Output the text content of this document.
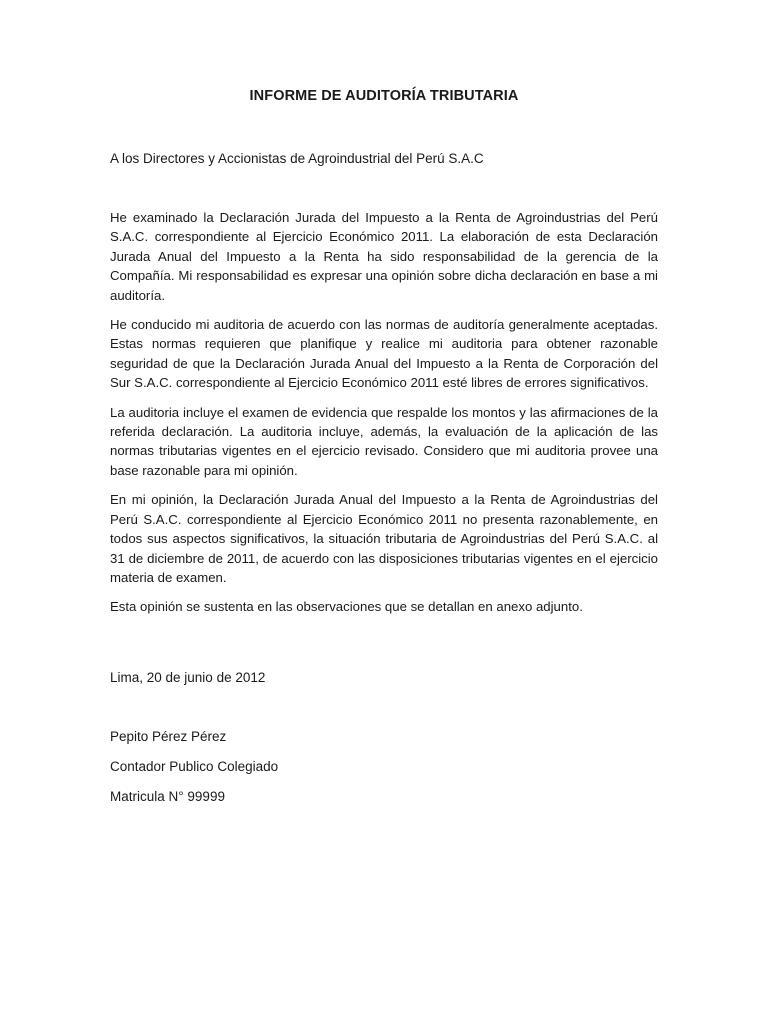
INFORME DE AUDITORÍA TRIBUTARIA
A los Directores y Accionistas de Agroindustrial del Perú S.A.C

He examinado la Declaración Jurada del Impuesto a la Renta de Agroindustrias del Perú S.A.C. correspondiente al Ejercicio Económico 2011. La elaboración de esta Declaración Jurada Anual del Impuesto a la Renta ha sido responsabilidad de la gerencia de la Compañía. Mi responsabilidad es expresar una opinión sobre dicha declaración en base a mi auditoría.

He conducido mi auditoria de acuerdo con las normas de auditoría generalmente aceptadas. Estas normas requieren que planifique y realice mi auditoria para obtener razonable seguridad de que la Declaración Jurada Anual del Impuesto a la Renta de Corporación del Sur S.A.C. correspondiente al Ejercicio Económico 2011 esté libres de errores significativos.

La auditoria incluye el examen de evidencia que respalde los montos y las afirmaciones de la referida declaración. La auditoria incluye, además, la evaluación de la aplicación de las normas tributarias vigentes en el ejercicio revisado. Considero que mi auditoria provee una base razonable para mi opinión.

En mi opinión, la Declaración Jurada Anual del Impuesto a la Renta de Agroindustrias del Perú S.A.C. correspondiente al Ejercicio Económico 2011 no presenta razonablemente, en todos sus aspectos significativos, la situación tributaria de Agroindustrias del Perú S.A.C. al 31 de diciembre de 2011, de acuerdo con las disposiciones tributarias vigentes en el ejercicio materia de examen.

Esta opinión se sustenta en las observaciones que se detallan en anexo adjunto.

Lima, 20 de junio de 2012
Pepito Pérez Pérez
Contador Publico Colegiado
Matricula N° 99999
